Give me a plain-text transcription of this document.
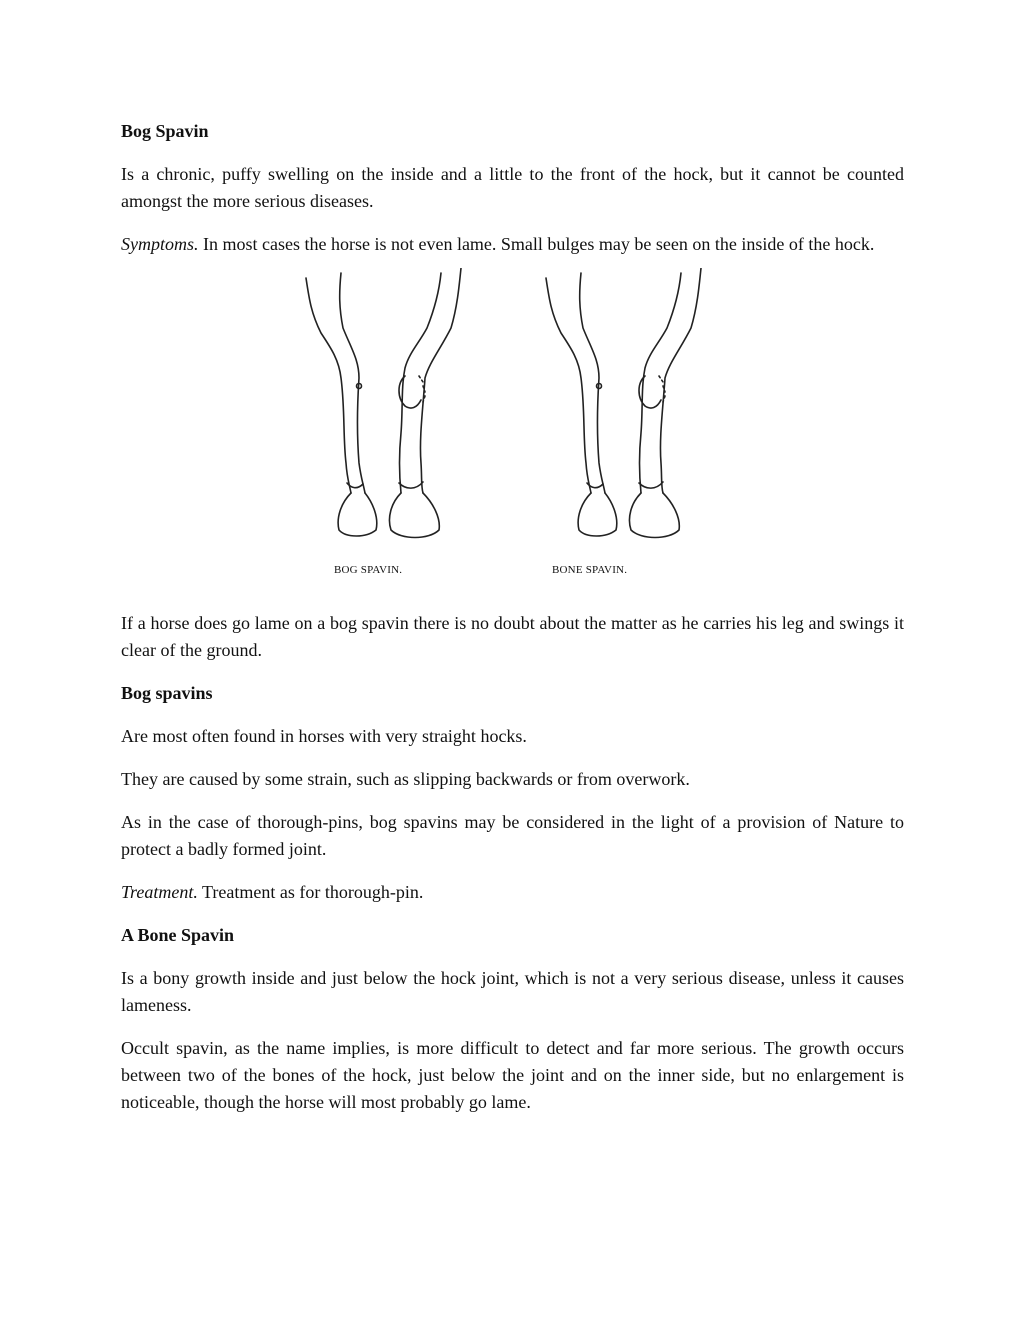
Bog Spavin

Is a chronic, puffy swelling on the inside and a little to the front of the hock, but it cannot be counted amongst the more serious diseases.

Symptoms. In most cases the horse is not even lame. Small bulges may be seen on the inside of the hock.

BOG SPAVIN.	BONE SPAVIN.

If a horse does go lame on a bog spavin there is no doubt about the matter as he carries his leg and swings it clear of the ground.

Bog spavins

Are most often found in horses with very straight hocks.

They are caused by some strain, such as slipping backwards or from overwork.

As in the case of thorough-pins, bog spavins may be considered in the light of a provision of Nature to protect a badly formed joint.

Treatment. Treatment as for thorough-pin.

A Bone Spavin

Is a bony growth inside and just below the hock joint, which is not a very serious disease, unless it causes lameness.

Occult spavin, as the name implies, is more difficult to detect and far more serious. The growth occurs between two of the bones of the hock, just below the joint and on the inner side, but no enlargement is noticeable, though the horse will most probably go lame.
